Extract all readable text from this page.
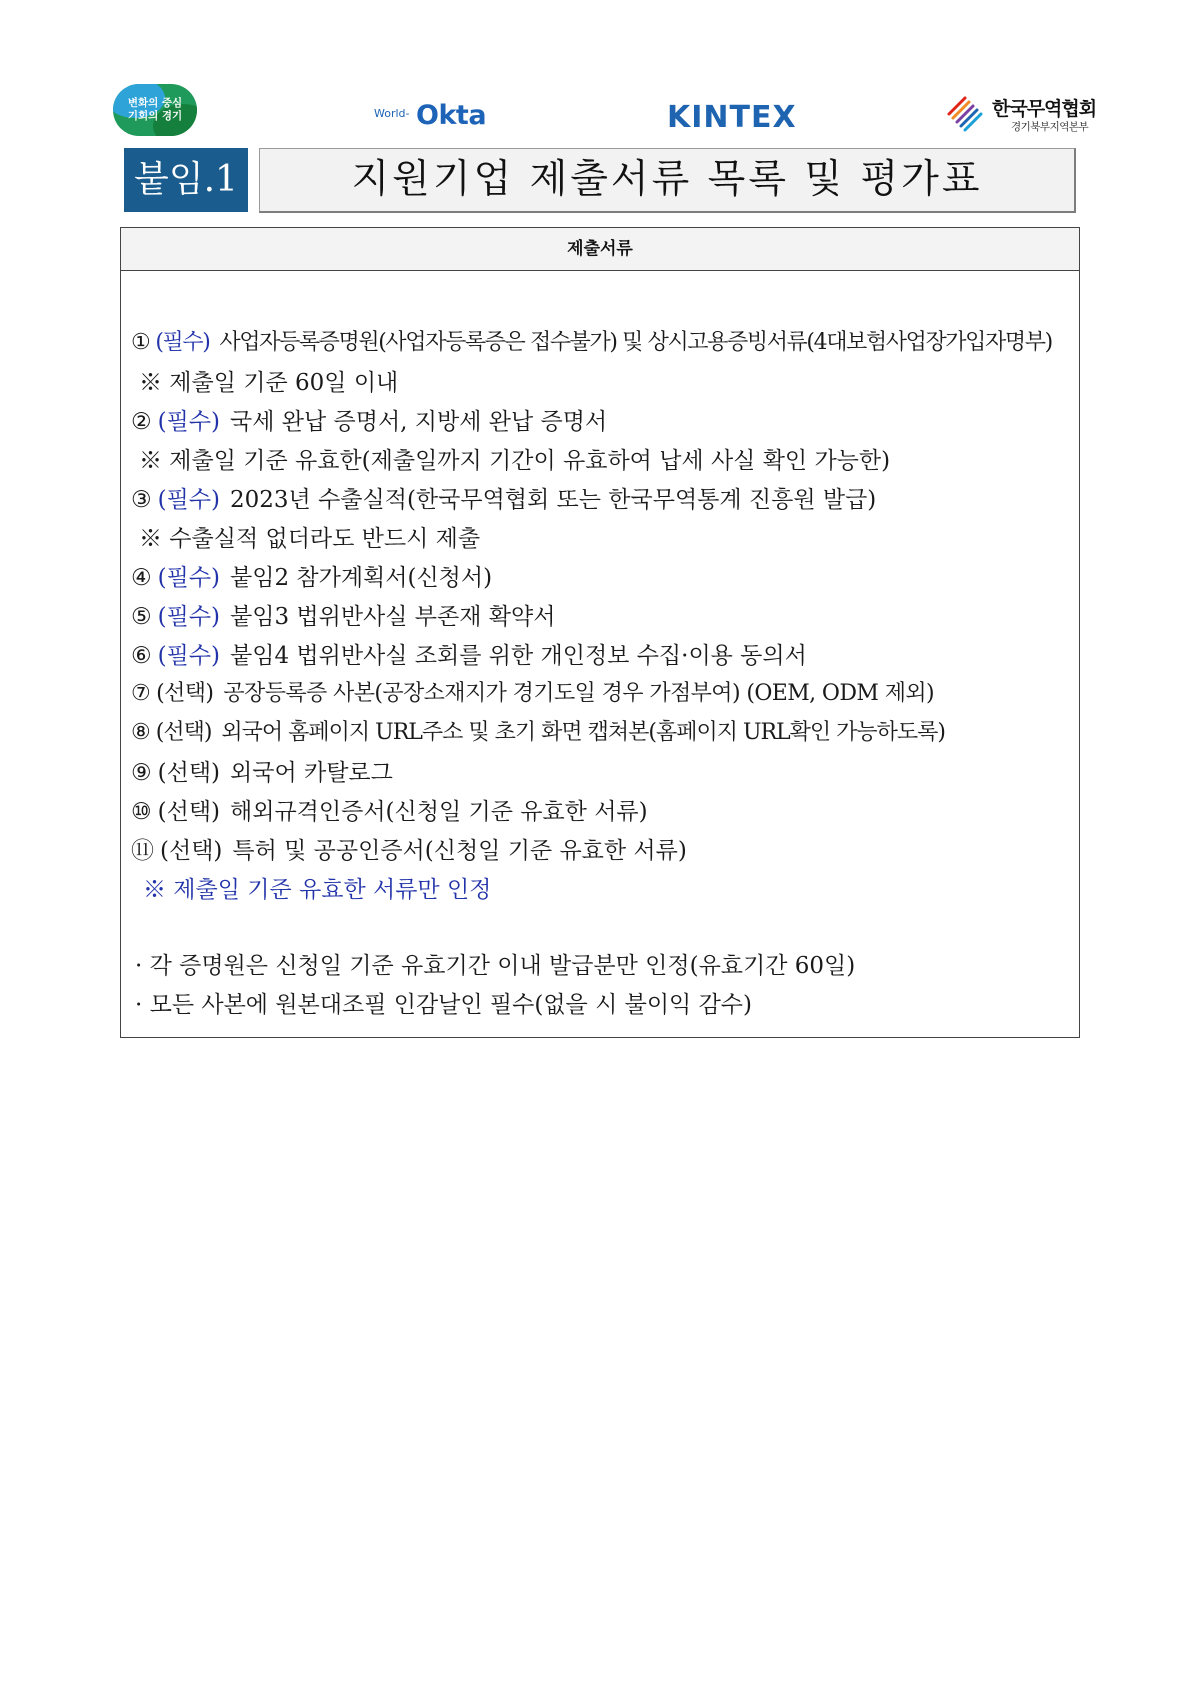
변화의 중심
기회의 경기	World- Okta	KINTEX	한국무역협회
경기북부지역본부
붙임.1	지원기업 제출서류 목록 및 평가표
제출서류
① (필수) 사업자등록증명원(사업자등록증은 접수불가) 및 상시고용증빙서류(4대보험사업장가입자명부)
※ 제출일 기준 60일 이내
② (필수) 국세 완납 증명서, 지방세 완납 증명서
※ 제출일 기준 유효한(제출일까지 기간이 유효하여 납세 사실 확인 가능한)
③ (필수) 2023년 수출실적(한국무역협회 또는 한국무역통계 진흥원 발급)
※ 수출실적 없더라도 반드시 제출
④ (필수) 붙임2 참가계획서(신청서)
⑤ (필수) 붙임3 법위반사실 부존재 확약서
⑥ (필수) 붙임4 법위반사실 조회를 위한 개인정보 수집·이용 동의서
⑦ (선택) 공장등록증 사본(공장소재지가 경기도일 경우 가점부여) (OEM, ODM 제외)
⑧ (선택) 외국어 홈페이지 URL주소 및 초기 화면 캡쳐본(홈페이지 URL확인 가능하도록)
⑨ (선택) 외국어 카탈로그
⑩ (선택) 해외규격인증서(신청일 기준 유효한 서류)
⑪ (선택) 특허 및 공공인증서(신청일 기준 유효한 서류)
※ 제출일 기준 유효한 서류만 인정
· 각 증명원은 신청일 기준 유효기간 이내 발급분만 인정(유효기간 60일)
· 모든 사본에 원본대조필 인감날인 필수(없을 시 불이익 감수)
